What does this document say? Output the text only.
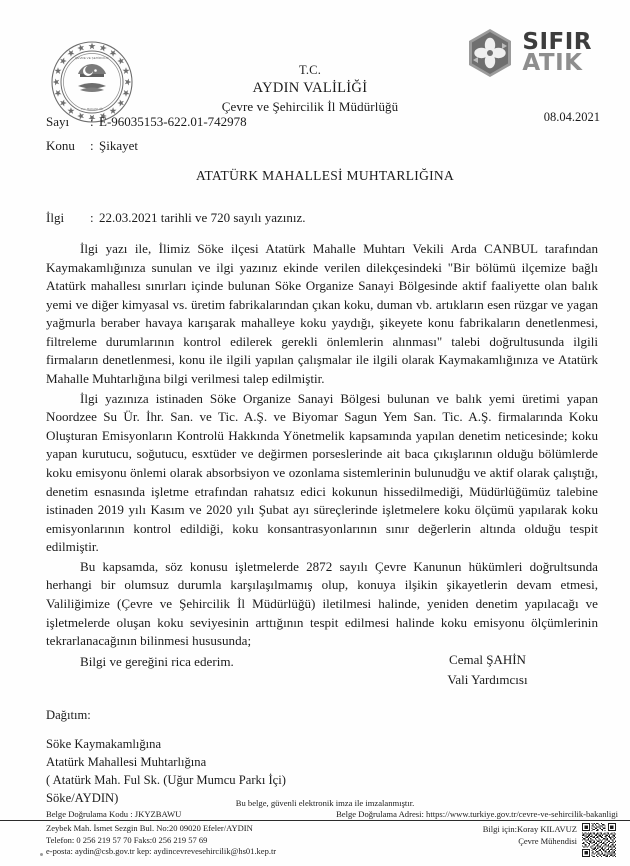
ÇEVRE VE ŞEHİRCİLİK
T.C. BAKANLIĞI
T.C.
AYDIN VALİLİĞİ
Çevre ve Şehircilik İl Müdürlüğü
SIFIR
ATIK
Sayı	: E-96035153-622.01-742978
Konu	: Şikayet
08.04.2021
ATATÜRK MAHALLESİ MUHTARLIĞINA
İlgi	: 22.03.2021 tarihli ve 720 sayılı yazınız.

İlgi yazı ile, İlimiz Söke ilçesi Atatürk Mahalle Muhtarı Vekili Arda CANBUL tarafından Kaymakamlığınıza sunulan ve ilgi yazınız ekinde verilen dilekçesindeki "Bir bölümü ilçemize bağlı Atatürk mahallesı sınırları içinde bulunan Söke Organize Sanayi Bölgesinde aktif faaliyette olan balık yemi ve diğer kimyasal vs. üretim fabrikalarından çıkan koku, duman vb. artıkların esen rüzgar ve yagan yağmurla beraber havaya karışarak mahalleye koku yaydığı, şikeyete konu fabrikaların denetlenmesi, filtreleme durumlarının kontrol edilerek gerekli önlemlerin alınması" talebi doğrultusunda ilgili firmaların denetlenmesi, konu ile ilgili yapılan çalışmalar ile ilgili olarak Kaymakamlığınıza ve Atatürk Mahalle Muhtarlığına bilgi verilmesi talep edilmiştir.

İlgi yazınıza istinaden Söke Organize Sanayi Bölgesi bulunan ve balık yemi üretimi yapan Noordzee Su Ür. İhr. San. ve Tic. A.Ş. ve Biyomar Sagun Yem San. Tic. A.Ş. firmalarında Koku Oluşturan Emisyonların Kontrolü Hakkında Yönetmelik kapsamında yapılan denetim neticesinde; koku yapan kurutucu, soğutucu, esxtüder ve değirmen porseslerinde ait baca çıkışlarının olduğu bölümlerde koku emisyonu önlemi olarak absorbsiyon ve ozonlama sistemlerinin bulunudğu ve aktif olarak çalıştığı, denetim esnasında işletme etrafından rahatsız edici kokunun hissedilmediği, Müdürlüğümüz talebine istinaden 2019 yılı Kasım ve 2020 yılı Şubat ayı süreçlerinde işletmelere koku ölçümü yapılarak koku emisyonlarının kontrol edildiği, koku konsantrasyonlarının sınır değerlerin altında olduğu tespit edilmiştir.

Bu kapsamda, söz konusu işletmelerde 2872 sayılı Çevre Kanunun hükümleri doğrultsunda herhangi bir olumsuz durumla karşılaşılmamış olup, konuya ilşikin şikayetlerin devam etmesi, Valiliğimize (Çevre ve Şehircilik İl Müdürlüğü) iletilmesi halinde, yeniden denetim yapılacağı ve işletmelerde oluşan koku seviyesinin arttığının tespit edilmesi halinde koku emisyonu ölçümlerinin tekrarlanacağının bilinmesi hususunda;

Bilgi ve gereğini rica ederim.	Cemal ŞAHİN
Vali Yardımcısı
Dağıtım:
Söke Kaymakamlığına
Atatürk Mahallesi Muhtarlığına
( Atatürk Mah. Ful Sk. (Uğur Mumcu Parkı İçi)
Söke/AYDIN)	Bu belge, güvenli elektronik imza ile imzalanmıştır.
Belge Doğrulama Kodu : JKYZBAWU	Belge Doğrulama Adresi: https://www.turkiye.gov.tr/cevre-ve-sehircilik-bakanligi
Zeybek Mah. İsmet Sezgin Bul. No:20 09020 Efeler/AYDIN
Telefon: 0 256 219 57 70 Faks:0 256 219 57 69
e-posta: aydin@csb.gov.tr kep: aydincevrevesehircilik@hs01.kep.tr
Bilgi için:Koray KILAVUZ
Çevre Mühendisi
